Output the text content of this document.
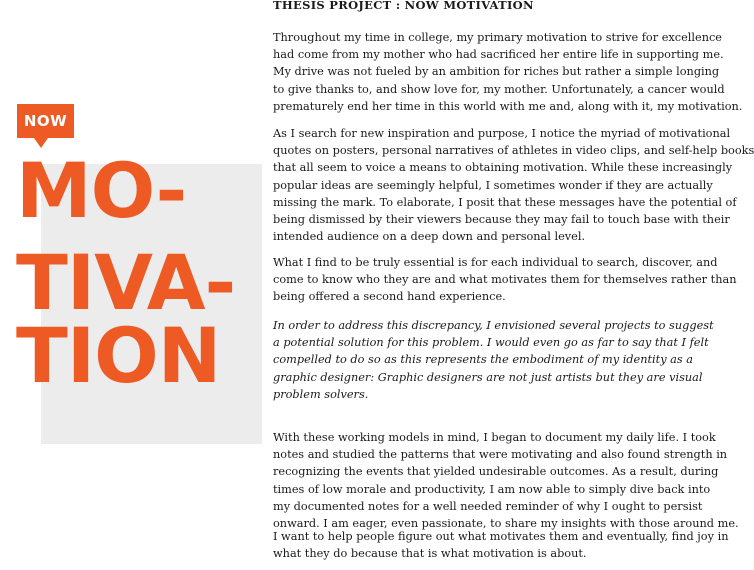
NOW
MO-
TIVA-
TION
THESIS PROJECT : NOW MOTIVATION

Throughout my time in college, my primary motivation to strive for excellence
had come from my mother who had sacrificed her entire life in supporting me.
My drive was not fueled by an ambition for riches but rather a simple longing
to give thanks to, and show love for, my mother. Unfortunately, a cancer would
prematurely end her time in this world with me and, along with it, my motivation.

As I search for new inspiration and purpose, I notice the myriad of motivational
quotes on posters, personal narratives of athletes in video clips, and self-help books
that all seem to voice a means to obtaining motivation. While these increasingly
popular ideas are seemingly helpful, I sometimes wonder if they are actually
missing the mark. To elaborate, I posit that these messages have the potential of
being dismissed by their viewers because they may fail to touch base with their
intended audience on a deep down and personal level.

What I find to be truly essential is for each individual to search, discover, and
come to know who they are and what motivates them for themselves rather than
being offered a second hand experience.

In order to address this discrepancy, I envisioned several projects to suggest
a potential solution for this problem. I would even go as far to say that I felt
compelled to do so as this represents the embodiment of my identity as a
graphic designer: Graphic designers are not just artists but they are visual
problem solvers.

With these working models in mind, I began to document my daily life. I took
notes and studied the patterns that were motivating and also found strength in
recognizing the events that yielded undesirable outcomes. As a result, during
times of low morale and productivity, I am now able to simply dive back into
my documented notes for a well needed reminder of why I ought to persist
onward. I am eager, even passionate, to share my insights with those around me.

I want to help people figure out what motivates them and eventually, find joy in
what they do because that is what motivation is about.
